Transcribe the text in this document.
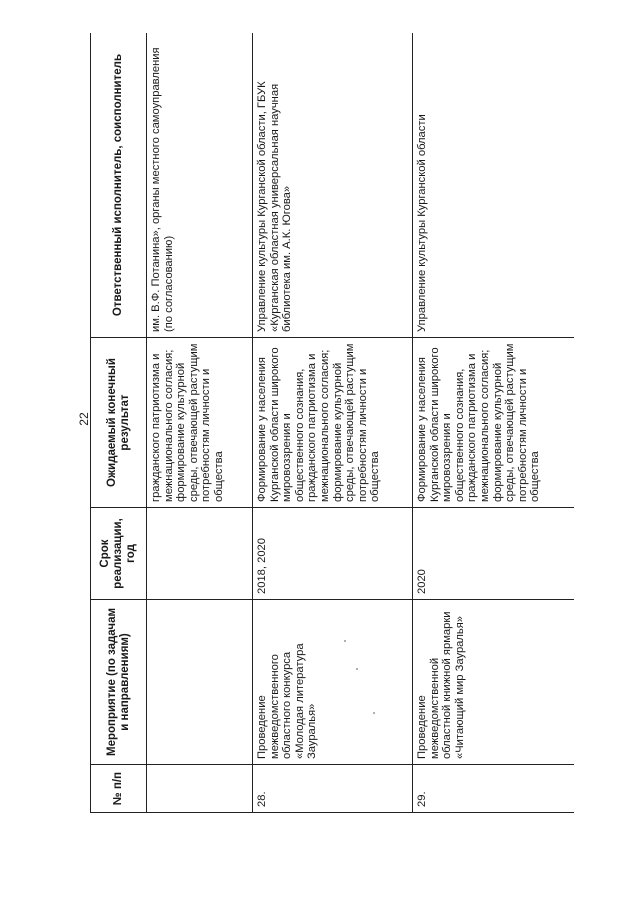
22
№ п/п	Мероприятие (по задачам и направлениям)	Срок реализации, год	Ожидаемый конечный результат	Ответственный исполнитель, соисполнитель
			гражданского патриотизма и межнационального согласия; формирование культурной среды, отвечающей растущим потребностям личности и общества	им. В.Ф. Потанина», органы местного самоуправления (по согласованию)
28.	Проведение межведомственного областного конкурса «Молодая литература Зауралья»	2018, 2020	Формирование у населения Курганской области широкого мировоззрения и общественного сознания, гражданского патриотизма и межнационального согласия; формирование культурной среды, отвечающей растущим потребностям личности и общества	Управление культуры Курганской области, ГБУК «Курганская областная универсальная научная библиотека им. А.К. Югова»
29.	Проведение межведомственной областной книжной ярмарки «Читающий мир Зауралья»	2020	Формирование у населения Курганской области широкого мировоззрения и общественного сознания, гражданского патриотизма и межнационального согласия; формирование культурной среды, отвечающей растущим потребностям личности и общества	Управление культуры Курганской области
